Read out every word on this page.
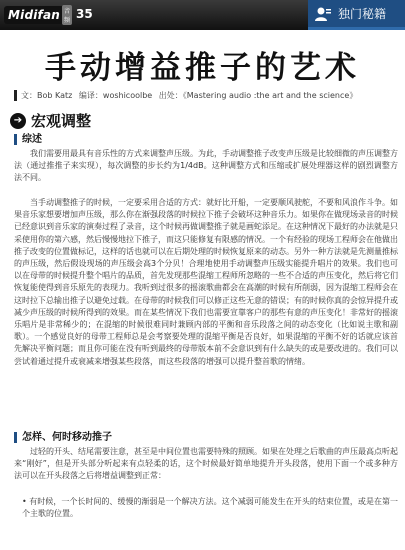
Midifan 音频 35	独门秘籍
手动增益推子的艺术
文：Bob Katz 编译：woshicoolbe 出处：《Mastering audio :the art and the science》
➔ 宏观调整
综述

我们需要用最具有音乐性的方式来调整声压级。为此，手动调整推子改变声压级是比较细微的声压调整方法（通过推推子来实现），每次调整的步长约为1/4dB。这种调整方式和压缩或扩展处理器这样的剧烈调整方法不同。

当手动调整推子的时候，一定要采用合适的方式：就好比开船，一定要顺风驶舵，不要和风浪作斗争。如果音乐家想要增加声压级，那么你在渐强段落的时候拉下推子会破坏这种音乐力。如果你在做现场录音的时候已经意识到音乐家的演奏过程了录音，这个时候再做调整推子就是画蛇添足。在这种情况下最好的办法就是只采使用你的第六感，然后慢慢地拉下推子，而这只能修复有限感的情况。一个有经验的现场工程师会在他做出推子改变的位置做标记，这样的话也就可以在后期处理的时候恢复原来的动态。另外一种方法就是先测量推标的声压级，然后假设现场的声压级会高3个分贝！合理地使用手动调整声压级实能提升唱片的效果。我们也可以在母带的时候提升整个唱片的品质，首先发现那些混缩工程师所忽略的一些不合适的声压变化，然后将它们恢复能使得到音乐原先的表现力。我听到过很多的摇滚歌曲都会在高潮的时候有所削弱，因为混缩工程师会在这时拉下总输出推子以避免过载。在母带的时候我们可以修正这些无意的错误；有的时候你真的会惊异提升或减少声压级的时候所得到的效果。而在某些情况下我们也需要宣靠客户的那些有意的声压变化！非常好的摇滚乐唱片是非常稀少的；在混缩的时候很难同时兼顾内部的平衡和音乐段落之间的动态变化（比如说主歌和副歌）。一个感觉良好的母带工程师总是会考察要处理的混缩平衡是否良好，如果混缩的平衡不好的话就应该首先解决平衡问题；而且你可能在没有听到最终的母带版本前不会意识到有什么缺失的或是要改进的。我们可以尝试着通过提升或衰减来增强某些段落，而这些段落的增强可以提升整首歌的情绪。

怎样、何时移动推子

过轻的开头、结尾需要注意，甚至是中间位置也需要特殊的照顾。如果在处理之后歌曲的声压最高点听起来“刚好”，但是开头部分听起来有点轻柔的话，这个时候最好简单地提升开头段落，使用下面一个或多种方法可以在开头段落之后将增益调整到正常：

• 有时候，一个长时间的、缓慢的渐弱是一个解决方法。这个减弱可能发生在开头的结束位置，或是在第一个主歌的位置。
